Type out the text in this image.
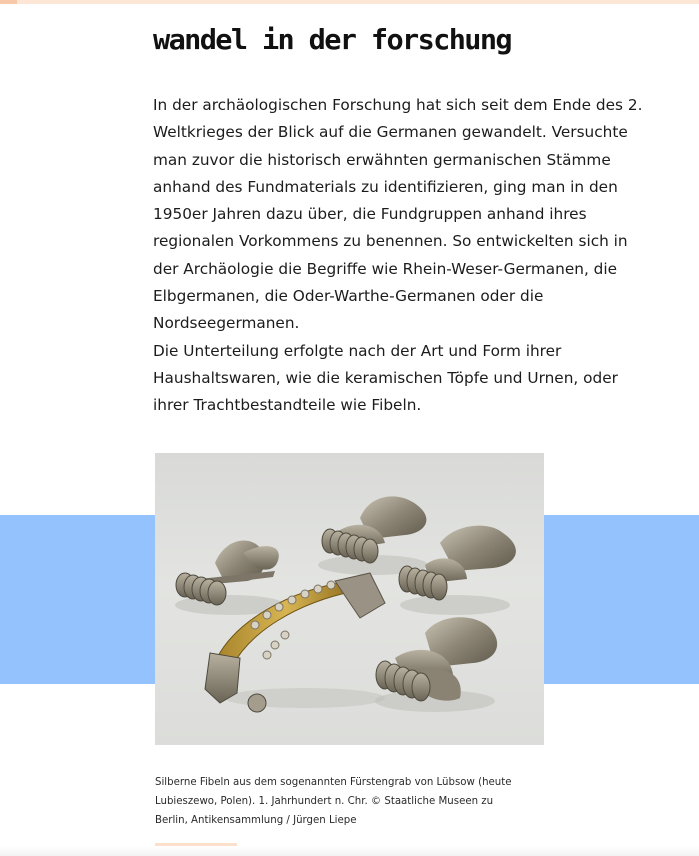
wandel in der forschung

In der archäologischen Forschung hat sich seit dem Ende des 2. Weltkrieges der Blick auf die Germanen gewandelt. Versuchte man zuvor die historisch erwähnten germanischen Stämme anhand des Fundmaterials zu identifizieren, ging man in den 1950er Jahren dazu über, die Fundgruppen anhand ihres regionalen Vorkommens zu benennen. So entwickelten sich in der Archäologie die Begriffe wie Rhein-Weser-Germanen, die Elbgermanen, die Oder-Warthe-Germanen oder die Nordseegermanen.

Die Unterteilung erfolgte nach der Art und Form ihrer Haushaltswaren, wie die keramischen Töpfe und Urnen, oder ihrer Trachtbestandteile wie Fibeln.

Silberne Fibeln aus dem sogenannten Fürstengrab von Lübsow (heute Lubieszewo, Polen). 1. Jahrhundert n. Chr. © Staatliche Museen zu Berlin, Antikensammlung / Jürgen Liepe
